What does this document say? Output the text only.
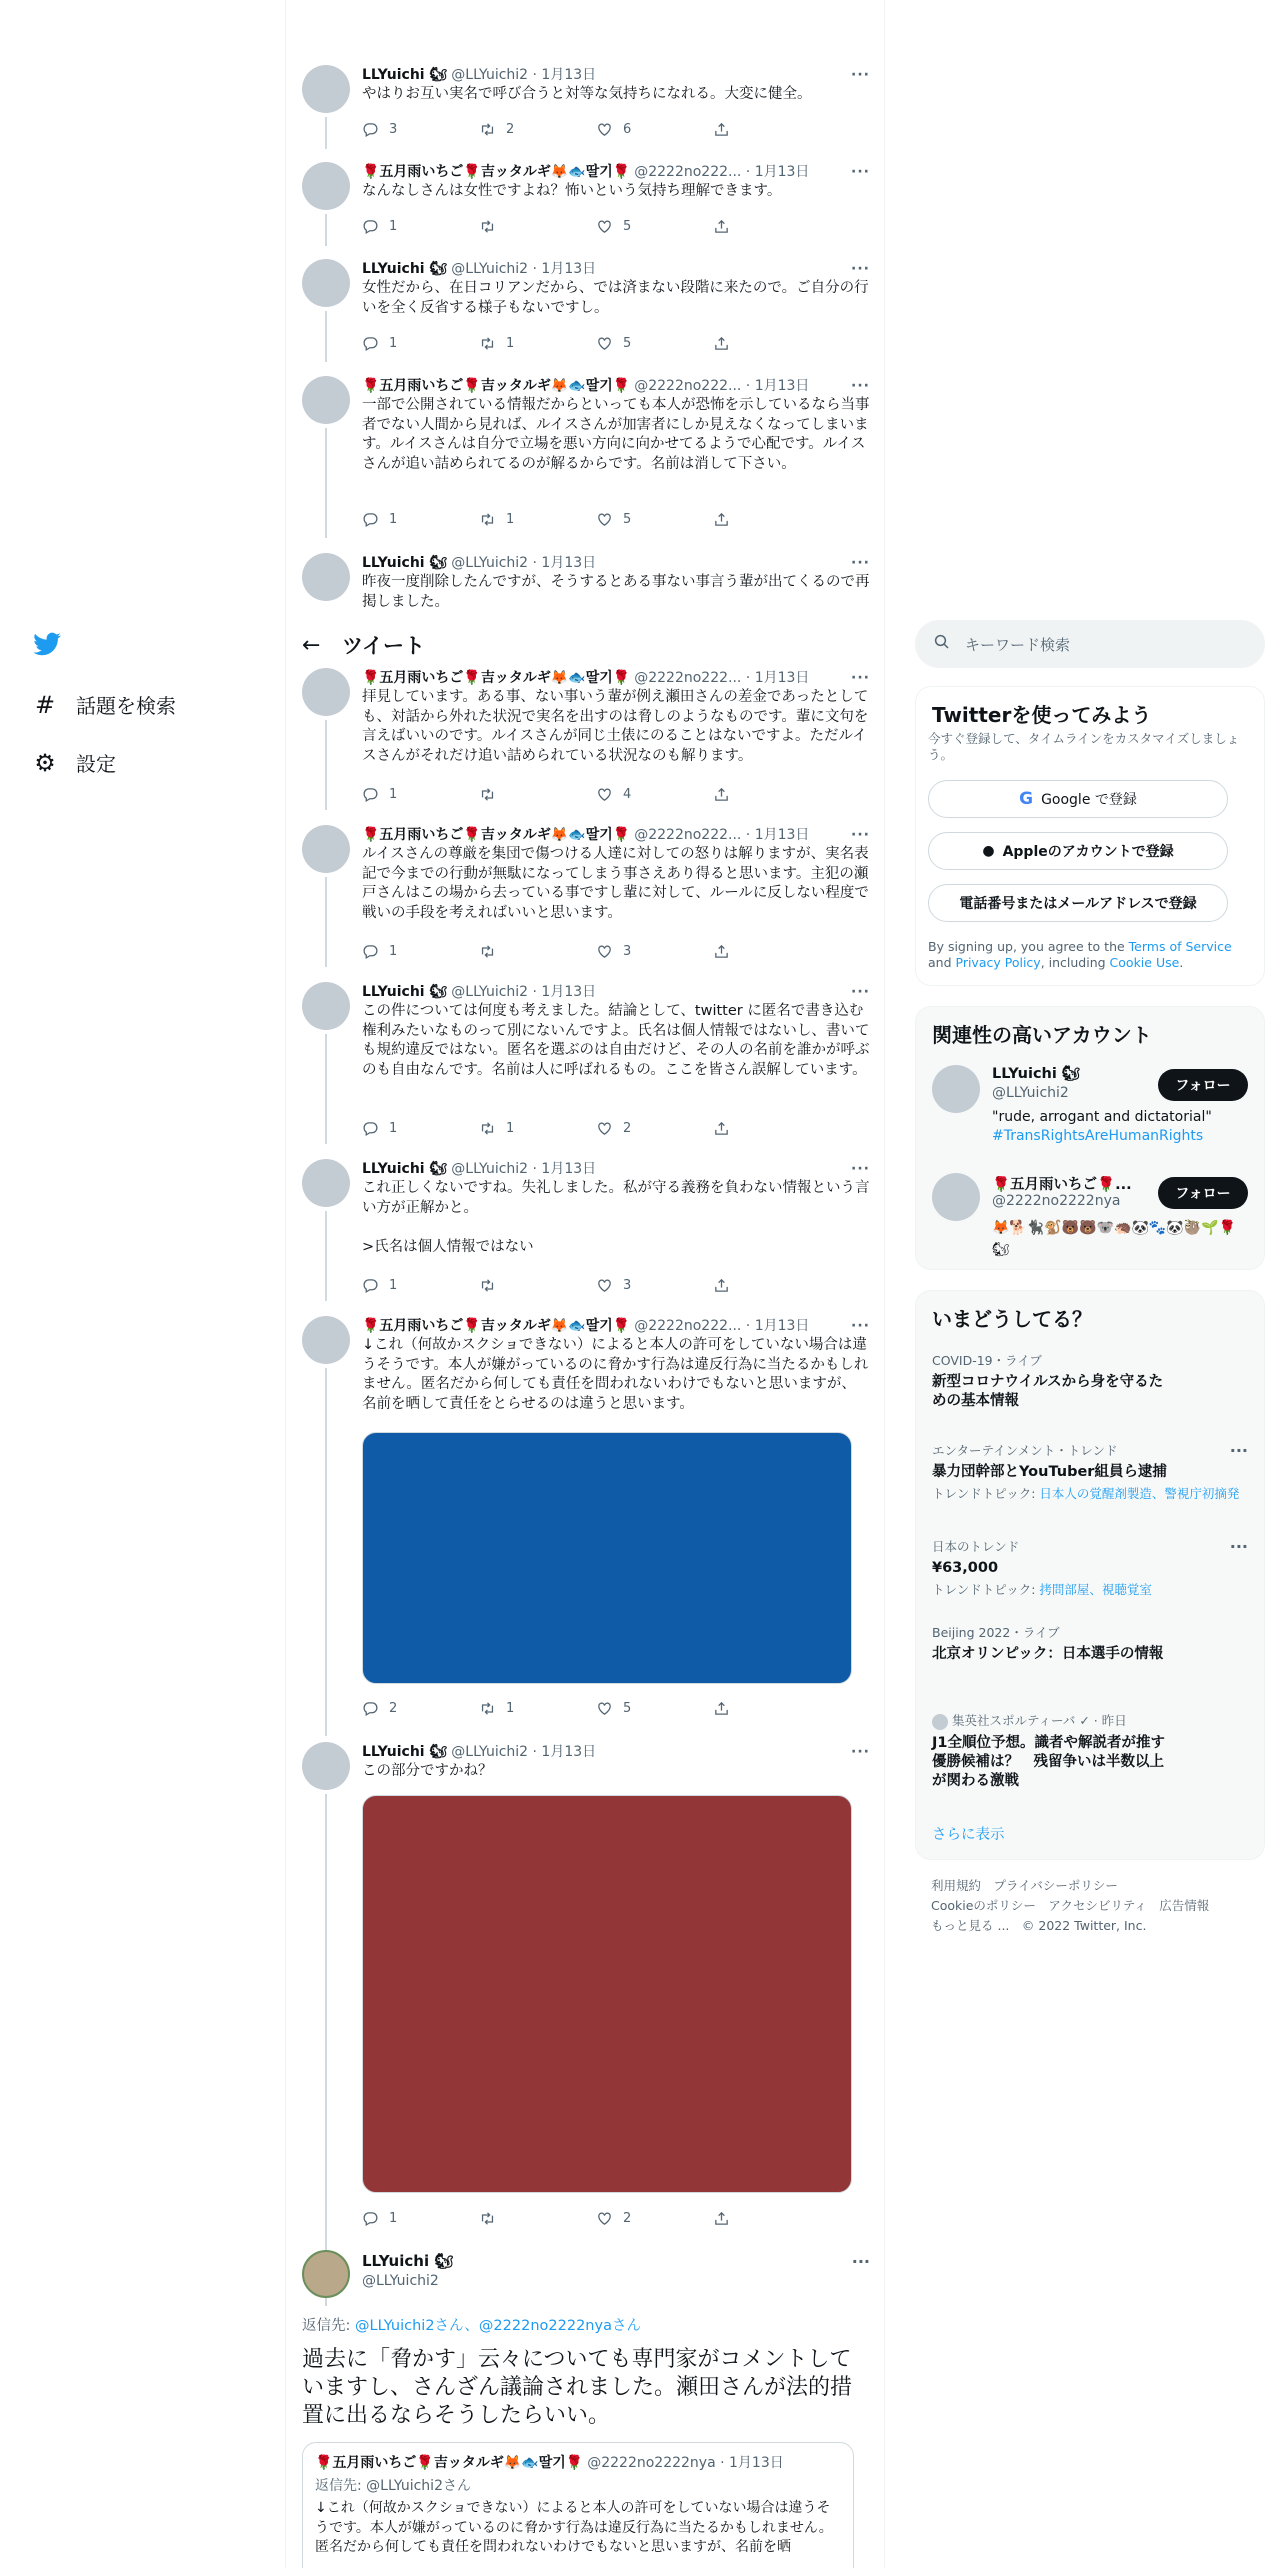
# 話題を検索
⚙ 設定
LLYuichi 🐿 @LLYuichi2 · 1月13日	···
やはりお互い実名で呼び合うと対等な気持ちになれる。大変に健全。
3	2	6
🌹五月雨いちご🌹吉ッタルギ🦊🐟딸기🌹 @2222no222... · 1月13日	···
なんなしさんは女性ですよね？怖いという気持ち理解できます。
1	5
LLYuichi 🐿 @LLYuichi2 · 1月13日	···
女性だから、在日コリアンだから、では済まない段階に来たので。ご自分の行いを全く反省する様子もないですし。
1	1	5
🌹五月雨いちご🌹吉ッタルギ🦊🐟딸기🌹 @2222no222... · 1月13日	···
一部で公開されている情報だからといっても本人が恐怖を示しているなら当事者でない人間から見れば、ルイスさんが加害者にしか見えなくなってしまいます。ルイスさんは自分で立場を悪い方向に向かせてるようで心配です。ルイスさんが追い詰められてるのが解るからです。名前は消して下さい。
1	1	5
LLYuichi 🐿 @LLYuichi2 · 1月13日	···
昨夜一度削除したんですが、そうするとある事ない事言う輩が出てくるので再掲しました。
←	ツイート
🌹五月雨いちご🌹吉ッタルギ🦊🐟딸기🌹 @2222no222... · 1月13日	···
拝見しています。ある事、ない事いう輩が例え瀬田さんの差金であったとしても、対話から外れた状況で実名を出すのは脅しのようなものです。輩に文句を言えばいいのです。ルイスさんが同じ土俵にのることはないですよ。ただルイスさんがそれだけ追い詰められている状況なのも解ります。
1	4
🌹五月雨いちご🌹吉ッタルギ🦊🐟딸기🌹 @2222no222... · 1月13日	···
ルイスさんの尊厳を集団で傷つける人達に対しての怒りは解りますが、実名表記で今までの行動が無駄になってしまう事さえあり得ると思います。主犯の瀬戸さんはこの場から去っている事ですし輩に対して、ルールに反しない程度で戦いの手段を考えればいいと思います。
1	3
LLYuichi 🐿 @LLYuichi2 · 1月13日	···
この件については何度も考えました。結論として、twitter に匿名で書き込む権利みたいなものって別にないんですよ。氏名は個人情報ではないし、書いても規約違反ではない。匿名を選ぶのは自由だけど、その人の名前を誰かが呼ぶのも自由なんです。名前は人に呼ばれるもの。ここを皆さん誤解しています。
1	1	2
LLYuichi 🐿 @LLYuichi2 · 1月13日	···
これ正しくないですね。失礼しました。私が守る義務を負わない情報という言い方が正解かと。

>氏名は個人情報ではない
1	3
🌹五月雨いちご🌹吉ッタルギ🦊🐟딸기🌹 @2222no222... · 1月13日	···
↓これ（何故かスクショできない）によると本人の許可をしていない場合は違うそうです。本人が嫌がっているのに脅かす行為は違反行為に当たるかもしれません。匿名だから何しても責任を問われないわけでもないと思いますが、名前を晒して責任をとらせるのは違うと思います。
2	1	5
LLYuichi 🐿 @LLYuichi2 · 1月13日	···
この部分ですかね？
1	2
LLYuichi 🐿
@LLYuichi2
···
返信先: @LLYuichi2さん、@2222no2222nyaさん
過去に「脅かす」云々についても専門家がコメントしていますし、さんざん議論されました。瀬田さんが法的措置に出るならそうしたらいい。
🌹五月雨いちご🌹吉ッタルギ🦊🐟딸기🌹 @2222no2222nya · 1月13日
返信先: @LLYuichi2さん
↓これ（何故かスクショできない）によると本人の許可をしていない場合は違うそうです。本人が嫌がっているのに脅かす行為は違反行為に当たるかもしれません。匿名だから何しても責任を問われないわけでもないと思いますが、名前を晒
キーワード検索
Twitterを使ってみよう
今すぐ登録して、タイムラインをカスタマイズしましょう。
G Google で登録
● Appleのアカウントで登録
電話番号またはメールアドレスで登録
By signing up, you agree to the Terms of Service and Privacy Policy, including Cookie Use.
関連性の高いアカウント
LLYuichi 🐿
@LLYuichi2
"rude, arrogant and dictatorial"
#TransRightsAreHumanRights
フォロー
🌹五月雨いちご🌹...
@2222no2222nya
🦊🐕🐈‍⬛🐒🐻🐻🐨🦔🐼🐾🐼🦥🌱🌹 🐿
フォロー
いまどうしてる？
COVID-19・ライブ
新型コロナウイルスから身を守るための基本情報
···
エンターテインメント・トレンド
暴力団幹部とYouTuber組員ら逮捕
トレンドトピック: 日本人の覚醒剤製造、警視庁初摘発
···
日本のトレンド
¥63,000
トレンドトピック: 拷問部屋、視聴覚室
Beijing 2022・ライブ
北京オリンピック：日本選手の情報
集英社スポルティーバ ✓ · 昨日
J1全順位予想。識者や解説者が推す優勝候補は？　残留争いは半数以上が関わる激戦
さらに表示
利用規約　プライバシーポリシー
Cookieのポリシー　アクセシビリティ　広告情報
もっと見る ...　© 2022 Twitter, Inc.
